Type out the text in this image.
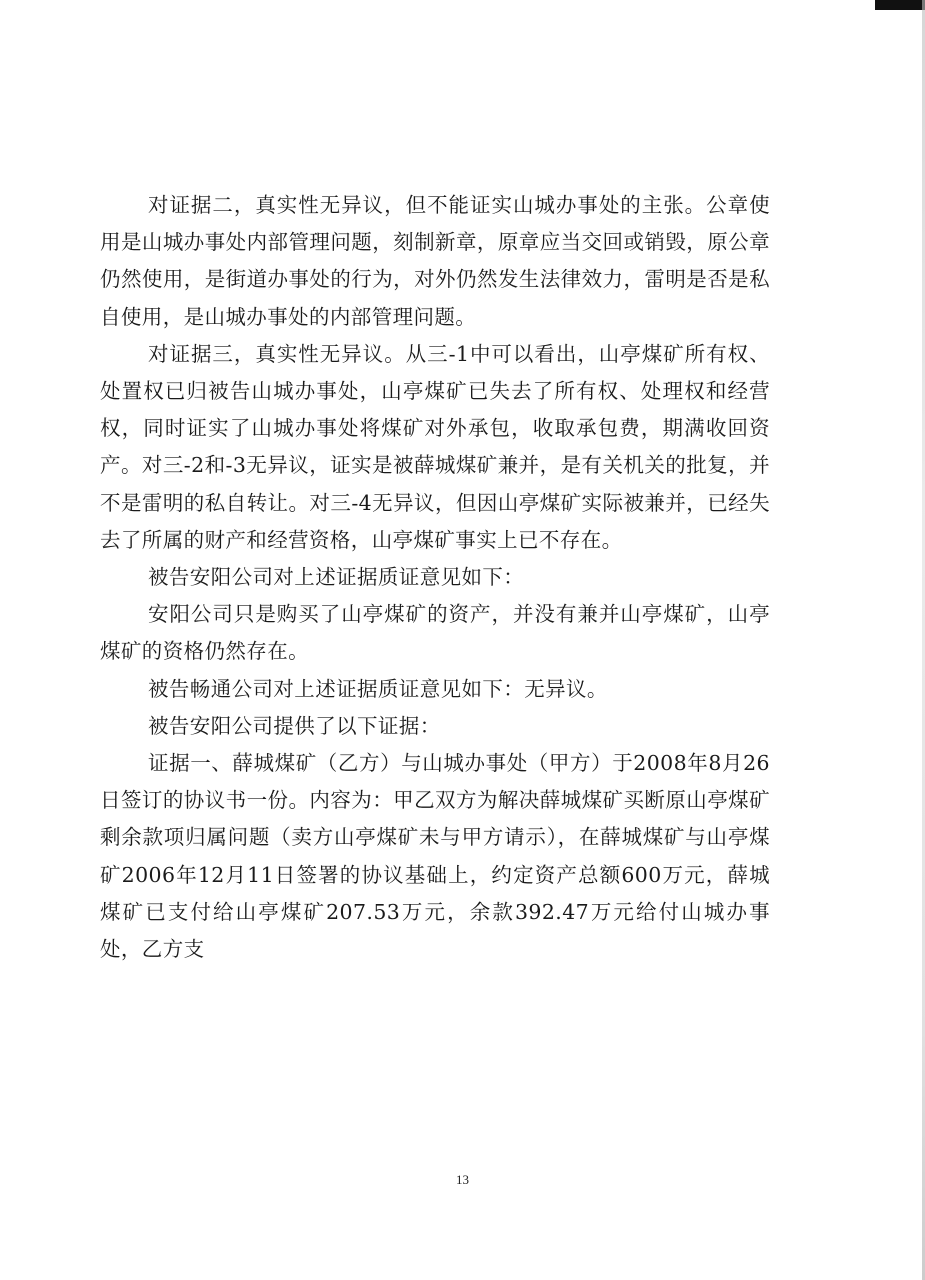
对证据二，真实性无异议，但不能证实山城办事处的主张。公章使用是山城办事处内部管理问题，刻制新章，原章应当交回或销毁，原公章仍然使用，是街道办事处的行为，对外仍然发生法律效力，雷明是否是私自使用，是山城办事处的内部管理问题。

对证据三，真实性无异议。从三-1中可以看出，山亭煤矿所有权、处置权已归被告山城办事处，山亭煤矿已失去了所有权、处理权和经营权，同时证实了山城办事处将煤矿对外承包，收取承包费，期满收回资产。对三-2和-3无异议，证实是被薛城煤矿兼并，是有关机关的批复，并不是雷明的私自转让。对三-4无异议，但因山亭煤矿实际被兼并，已经失去了所属的财产和经营资格，山亭煤矿事实上已不存在。

被告安阳公司对上述证据质证意见如下：

安阳公司只是购买了山亭煤矿的资产，并没有兼并山亭煤矿，山亭煤矿的资格仍然存在。

被告畅通公司对上述证据质证意见如下：无异议。

被告安阳公司提供了以下证据：

证据一、薛城煤矿（乙方）与山城办事处（甲方）于2008年8月26日签订的协议书一份。内容为：甲乙双方为解决薛城煤矿买断原山亭煤矿剩余款项归属问题（卖方山亭煤矿未与甲方请示），在薛城煤矿与山亭煤矿2006年12月11日签署的协议基础上，约定资产总额600万元，薛城煤矿已支付给山亭煤矿207.53万元，余款392.47万元给付山城办事处，乙方支

13
